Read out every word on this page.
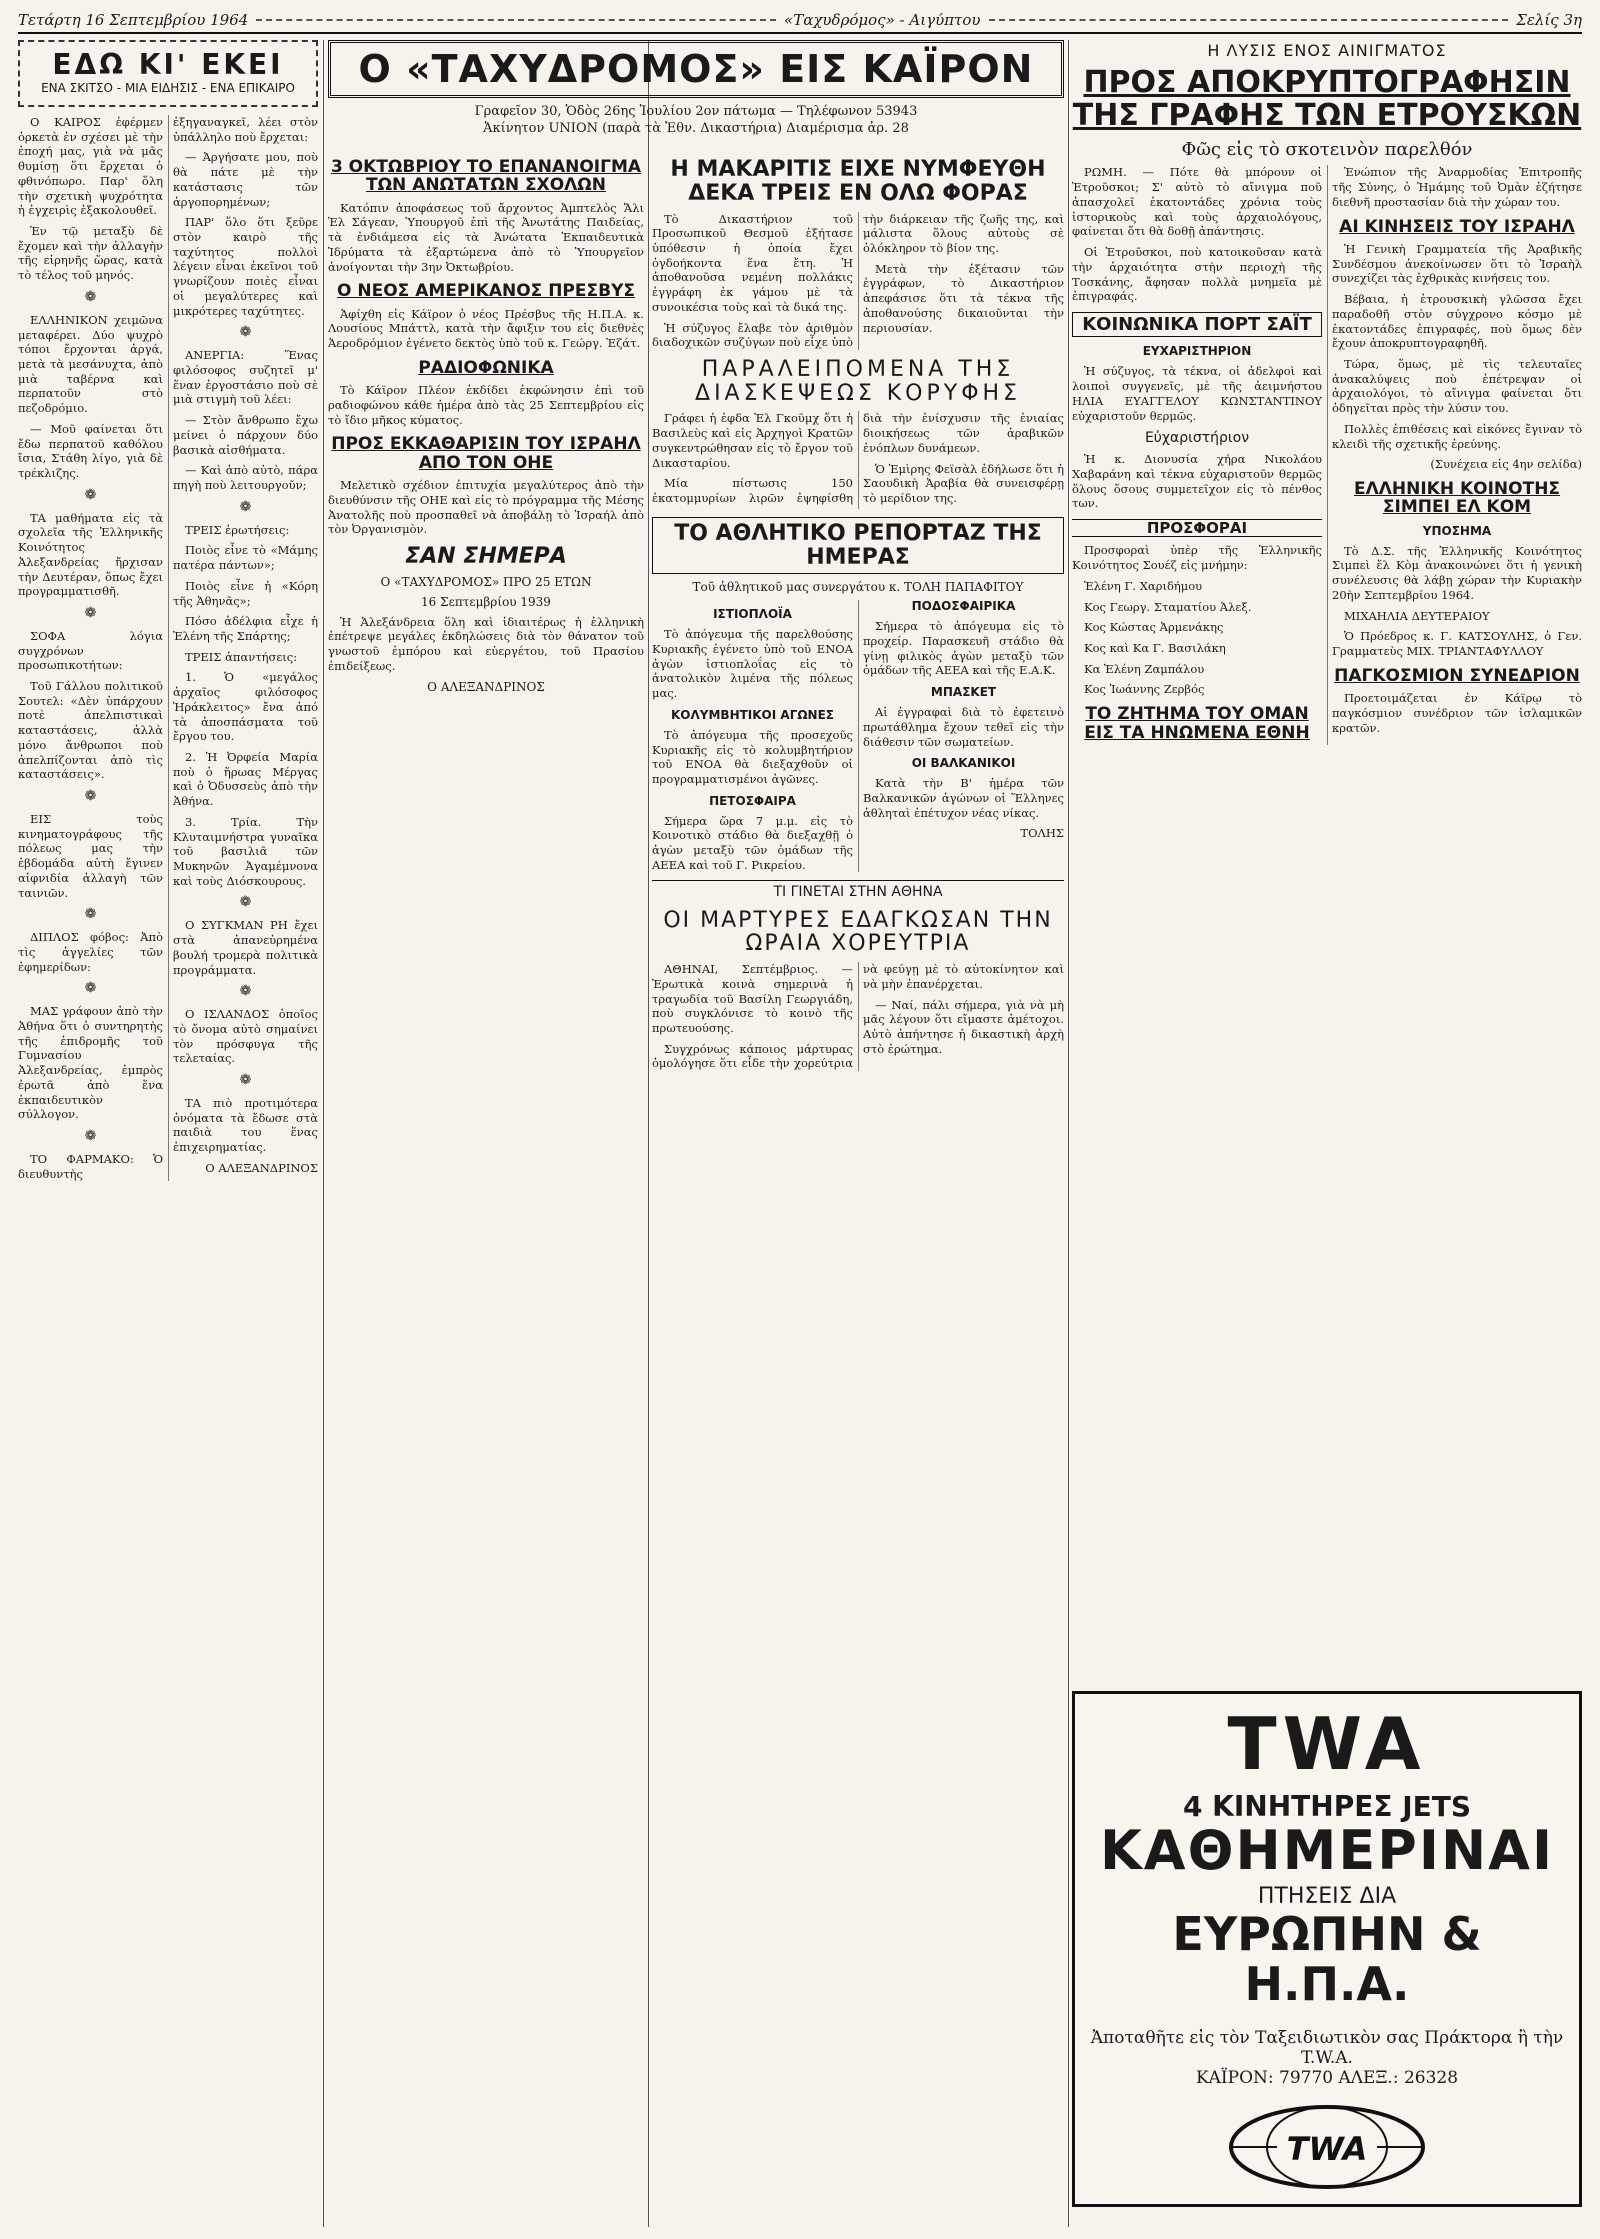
Τετάρτη 16 Σεπτεμβρίου 1964	«Ταχυδρόμος» - Αιγύπτου	Σελίς 3η
ΕΔΩ ΚΙ' ΕΚΕΙ
ΕΝΑ ΣΚΙΤΣΟ - ΜΙΑ ΕΙΔΗΣΙΣ - ΕΝΑ ΕΠΙΚΑΙΡΟ

Ο ΚΑΙΡΟΣ ἐφέρμεν ὁρκετὰ ἐν σχέσει μὲ τὴν ἐποχή μας, γιὰ νὰ μᾶς θυμίσῃ ὅτι ἔρχεται ὁ φθινόπωρο. Παρ' ὅλη τὴν σχετικὴ ψυχρότητα ἡ ἐγχειρὶς ἐξακολουθεῖ.

Ἐν τῷ μεταξὺ δὲ ἔχομεν καὶ τὴν ἀλλαγὴν τῆς εἰρηνῆς ὥρας, κατὰ τὸ τέλος τοῦ μηνός.

❁

ΕΛΛΗΝΙΚΟΝ χειμῶνα μεταφέρει. Δύο ψυχρὸ τόποι ἔρχονται ἀργά, μετὰ τὰ μεσάνυχτα, ἀπὸ μιὰ ταβέρνα καὶ περπατοῦν στὸ πεζοδρόμιο.

— Μοῦ φαίνεται ὅτι ἔδω περπατοῦ καθόλου ἴσια, Στάθη λίγο, γιὰ δὲ τρέκλιζης.

❁

ΤΑ μαθήματα εἰς τὰ σχολεῖα τῆς Ἑλληνικῆς Κοινότητος Ἀλεξανδρείας ἤρχισαν τὴν Δευτέραν, ὅπως ἔχει προγραμματισθῆ.

❁

ΣΟΦΑ λόγια συγχρόνων προσωπικοτήτων:

Τοῦ Γάλλου πολιτικοῦ Σουτελ: «Δὲν ὑπάρχουν ποτὲ ἀπελπιστικαὶ καταστάσεις, ἀλλὰ μόνο ἄνθρωποι ποὺ ἀπελπίζονται ἀπὸ τὶς καταστάσεις».

❁

ΕΙΣ τοὺς κινηματογράφους τῆς πόλεως μας τὴν ἑβδομάδα αὐτὴ ἔγινεν αἰφνιδία ἀλλαγὴ τῶν ταινιῶν.

❁

ΔΙΠΛΟΣ φόβος: Ἀπὸ τὶς ἀγγελίες τῶν ἐφημερίδων:

❁

ΜΑΣ γράφουν ἀπὸ τὴν Ἀθήνα ὅτι ὁ συντηρητὴς τῆς ἐπιδρομῆς τοῦ Γυμνασίου Ἀλεξανδρείας, ἐμπρὸς ἐρωτᾶ ἀπὸ ἕνα ἐκπαιδευτικὸν σύλλογον.

❁

ΤΟ ΦΑΡΜΑΚΟ: Ὁ διευθυντὴς ἐξηγαναγκεῖ, λέει στὸν ὑπάλληλο ποὺ ἔρχεται:

— Ἀργήσατε μου, ποὺ θὰ πάτε μὲ τὴν κατάστασις τῶν ἀργοπορημένων;

ΠΑΡ' ὅλο ὅτι ξεῦρε στὸν καιρὸ τῆς ταχύτητος πολλοὶ λέγειν εἶναι ἐκεῖνοι τοῦ γνωρίζουν ποιὲς εἶναι οἱ μεγαλύτερες καὶ μικρότερες ταχύτητες.

❁

ΑΝΕΡΓΙΑ: Ἕνας φιλόσοφος συζητεῖ μ' ἕναν ἐργοστάσιο ποὺ σὲ μιὰ στιγμὴ τοῦ λέει:

— Στὸν ἄνθρωπο ἔχω μείνει ὁ πάρχουν δύο βασικὰ αἰσθήματα.

— Καὶ ἀπὸ αὐτὸ, πάρα πηγὴ ποὺ λειτουργοῦν;

❁

ΤΡΕΙΣ ἐρωτήσεις:

Ποιὸς εἶνε τὸ «Μάμης πατέρα πάντων»;

Ποιὸς εἶνε ἡ «Κόρη τῆς Ἀθηνᾶς»;

Πόσο ἀδέλφια εἶχε ἡ Ἑλένη τῆς Σπάρτης;

ΤΡΕΙΣ ἀπαντήσεις:

1. Ὁ «μεγάλος ἀρχαῖος φιλόσοφος Ἡράκλειτος» ἔνα ἀπό τὰ ἀποσπάσματα τοῦ ἔργου του.

2. Ἡ Ὀρφεία Μαρία ποὺ ὁ ἥρωας Μέργας καὶ ὁ Ὀδυσσεὺς ἀπὸ τὴν Ἀθήνα.

3. Τρία. Τὴν Κλυταιμνήστρα γυναῖκα τοῦ βασιλιᾶ τῶν Μυκηνῶν Ἀγαμέμνονα καὶ τοὺς Διόσκουρους.

❁

Ο ΣΥΓΚΜΑΝ ΡΗ ἔχει στὰ ἀπανεὐρημένα βουλή τρομερὰ πολιτικὰ προγράμματα.

❁

Ο ΙΣΛΑΝΔΟΣ ὁποῖος τὸ ὄνομα αὐτὸ σημαίνει τὸν πρόσφυγα τῆς τελεταίας.

❁

ΤΑ πιὸ προτιμότερα ὀνόματα τὰ ἔδωσε στὰ παιδιὰ του ἕνας ἐπιχειρηματίας.

Ο ΑΛΕΞΑΝΔΡΙΝΟΣ

Ο «ΤΑΧΥΔΡΟΜΟΣ» ΕΙΣ ΚΑΪΡΟΝ
Γραφεῖον 30, Ὁδὸς 26ης Ἰουλίου 2ον πάτωμα — Τηλέφωνον 53943
Ἀκίνητον UNION (παρὰ τὰ Ἐθν. Δικαστήρια) Διαμέρισμα ἀρ. 28
3 ΟΚΤΩΒΡΙΟΥ ΤΟ ΕΠΑΝΑΝΟΙΓΜΑ ΤΩΝ ΑΝΩΤΑΤΩΝ ΣΧΟΛΩΝ

Κατόπιν ἀποφάσεως τοῦ ἄρχοντος Ἀμπτελὸς Ἄλι Ἐλ Σάγεαν, Ὑπουργοῦ ἐπὶ τῆς Ἀνωτάτης Παιδείας, τὰ ἐνδιάμεσα εἰς τὰ Ἀνώτατα Ἐκπαιδευτικὰ Ἱδρύματα τὰ ἐξαρτώμενα ἀπὸ τὸ Ὑπουργεῖον ἀνοίγονται τὴν 3ην Ὀκτωβρίου.

Ο ΝΕΟΣ ΑΜΕΡΙΚΑΝΟΣ ΠΡΕΣΒΥΣ

Ἀφίχθη εἰς Κάϊρον ὁ νέος Πρέσβυς τῆς Η.Π.Α. κ. Λουσίους Μπάττλ, κατὰ τὴν ἄφιξιν του εἰς διεθνὲς Ἀεροδρόμιον ἐγένετο δεκτὸς ὑπὸ τοῦ κ. Γεώργ. Ἐζάτ.

ΡΑΔΙΟΦΩΝΙΚΑ

Τὸ Κάϊρον Πλέον ἐκδίδει ἐκφώνησιν ἐπὶ τοῦ ραδιοφώνου κάθε ἡμέρα ἀπὸ τὰς 25 Σεπτεμβρίου εἰς τὸ ἴδιο μῆκος κύματος.

ΠΡΟΣ ΕΚΚΑΘΑΡΙΣΙΝ ΤΟΥ ΙΣΡΑΗΛ ΑΠΟ ΤΟΝ ΟΗΕ

Μελετικὸ σχέδιον ἐπιτυχία μεγαλύτερος ἀπὸ τὴν διευθύνσιν τῆς ΟΗΕ καὶ εἰς τὸ πρόγραμμα τῆς Μέσης Ἀνατολῆς ποὺ προσπαθεῖ νὰ ἀποβάλῃ τὸ Ἰσραήλ ἀπὸ τὸν Ὀργανισμὸν.

ΣΑΝ ΣΗΜΕΡΑ
Ο «ΤΑΧΥΔΡΟΜΟΣ» ΠΡΟ 25 ΕΤΩΝ
16 Σεπτεμβρίου 1939

Ἡ Ἀλεξάνδρεια ὅλη καὶ ἰδιαιτέρως ἡ ἑλληνικὴ ἐπέτρεψε μεγάλες ἐκδηλώσεις διὰ τὸν θάνατον τοῦ γνωστοῦ ἐμπόρου καὶ εὐεργέτου, τοῦ Πρασίου ἐπιδείξεως.

Ο ΑΛΕΞΑΝΔΡΙΝΟΣ
Η ΜΑΚΑΡΙΤΙΣ ΕΙΧΕ ΝΥΜΦΕΥΘΗ ΔΕΚΑ ΤΡΕΙΣ ΕΝ ΟΛΩ ΦΟΡΑΣ

Τὸ Δικαστήριον τοῦ Προσωπικοῦ Θεσμοῦ ἐξήτασε ὑπόθεσιν ἡ ὁποία ἔχει ὀγδοήκοντα ἕνα ἔτη. Ἡ ἀποθανοῦσα νεμένη πολλάκις ἐγγράφη ἐκ γάμου μὲ τὰ συνοικέσια τοὺς καὶ τὰ δικά της.

Ἡ σύζυγος ἔλαβε τὸν ἀριθμὸν διαδοχικῶν συζύγων ποὺ εἶχε ὑπὸ τὴν διάρκειαν τῆς ζωῆς της, καὶ μάλιστα ὅλους αὐτοὺς σὲ ὁλόκληρον τὸ βίον της.

Μετὰ τὴν ἐξέτασιν τῶν ἐγγράφων, τὸ Δικαστήριον ἀπεφάσισε ὅτι τὰ τέκνα τῆς ἀποθανούσης δικαιοῦνται τὴν περιουσίαν.

ΠΑΡΑΛΕΙΠΟΜΕΝΑ ΤΗΣ ΔΙΑΣΚΕΨΕΩΣ ΚΟΡΥΦΗΣ

Γράφει ἡ ἐφδα Ἐλ Γκοῦμχ ὅτι ἡ Βασιλεὺς καὶ εἰς Ἀρχηγοὶ Κρατῶν συγκεντρώθησαν εἰς τὸ ἔργον τοῦ Δικασταρίου.

Μία πίστωσις 150 ἑκατομμυρίων λιρῶν ἐψηφίσθη διὰ τὴν ἐνίσχυσιν τῆς ἑνιαίας διοικήσεως τῶν ἀραβικῶν ἐνόπλων δυνάμεων.

Ὁ Ἐμὶρης Φεϊσὰλ ἐδήλωσε ὅτι ἡ Σαουδικὴ Ἀραβία θὰ συνεισφέρῃ τὸ μερίδιον της.

ΤΟ ΑΘΛΗΤΙΚΟ ΡΕΠΟΡΤΑΖ ΤΗΣ ΗΜΕΡΑΣ
Τοῦ ἀθλητικοῦ μας συνεργάτου κ. ΤΟΛΗ ΠΑΠΑΦΙΤΟΥ
ΙΣΤΙΟΠΛΟΪΑ

Τὸ ἀπόγευμα τῆς παρελθούσης Κυριακῆς ἐγένετο ὑπὸ τοῦ ΕΝΟΑ ἀγὼν ἱστιοπλοΐας εἰς τὸ ἀνατολικὸν λιμένα τῆς πόλεως μας.

ΚΟΛΥΜΒΗΤΙΚΟΙ ΑΓΩΝΕΣ

Τὸ ἀπόγευμα τῆς προσεχοῦς Κυριακῆς εἰς τὸ κολυμβητήριον τοῦ ΕΝΟΑ θὰ διεξαχθοῦν οἱ προγραμματισμένοι ἀγῶνες.

ΠΕΤΟΣΦΑΙΡΑ

Σήμερα ὥρα 7 μ.μ. εἰς τὸ Κοινοτικὸ στάδιο θὰ διεξαχθῇ ὁ ἀγὼν μεταξὺ τῶν ὁμάδων τῆς ΑΕΕΑ καὶ τοῦ Γ. Ρικρείου.

ΠΟΔΟΣΦΑΙΡΙΚΑ

Σήμερα τὸ ἀπόγευμα εἰς τὸ προχείρ. Παρασκευῆ στάδιο θὰ γίνῃ φιλικὸς ἀγὼν μεταξὺ τῶν ὁμάδων τῆς ΑΕΕΑ καὶ τῆς Ε.Α.Κ.

ΜΠΑΣΚΕΤ

Αἱ ἐγγραφαὶ διὰ τὸ ἐφετεινὸ πρωτάθλημα ἔχουν τεθεῖ εἰς τὴν διάθεσιν τῶν σωματείων.

ΟΙ ΒΑΛΚΑΝΙΚΟΙ

Κατὰ τὴν Β' ἡμέρα τῶν Βαλκανικῶν ἀγώνων οἱ Ἕλληνες ἀθληταὶ ἐπέτυχον νέας νίκας.

ΤΟΛΗΣ

ΤΙ ΓΙΝΕΤΑΙ ΣΤΗΝ ΑΘΗΝΑ
ΟΙ ΜΑΡΤΥΡΕΣ ΕΔΑΓΚΩΣΑΝ ΤΗΝ ΩΡΑΙΑ ΧΟΡΕΥΤΡΙΑ

ΑΘΗΝΑΙ, Σεπτέμβριος. — Ἐρωτικὰ κοινὰ σημερινὰ ἡ τραγωδία τοῦ Βασίλη Γεωργιάδη, ποὺ συγκλόνισε τὸ κοινὸ τῆς πρωτευούσης.

Συγχρόνως κάποιος μάρτυρας ὁμολόγησε ὅτι εἶδε τὴν χορεύτρια νὰ φεύγῃ μὲ τὸ αὐτοκίνητον καὶ νὰ μὴν ἐπανέρχεται.

— Ναί, πάλι σήμερα, γιὰ νὰ μὴ μᾶς λέγουν ὅτι εἴμαστε ἀμέτοχοι. Αὐτὸ ἀπήντησε ἡ δικαστικὴ ἀρχὴ στὸ ἐρώτημα.

Η ΛΥΣΙΣ ΕΝΟΣ ΑΙΝΙΓΜΑΤΟΣ
ΠΡΟΣ ΑΠΟΚΡΥΠΤΟΓΡΑΦΗΣΙΝ ΤΗΣ ΓΡΑΦΗΣ ΤΩΝ ΕΤΡΟΥΣΚΩΝ
Φῶς εἰς τὸ σκοτεινὸν παρελθόν

ΡΩΜΗ. — Πότε θὰ μπόρουν οἱ Ἑτροῦσκοι; Σ' αὐτὸ τὸ αἴνιγμα ποῦ ἀπασχολεῖ ἐκατοντάδες χρόνια τοὺς ἱστορικοὺς καὶ τοὺς ἀρχαιολόγους, φαίνεται ὅτι θὰ δοθῇ ἀπάντησις.

Οἱ Ἑτροῦσκοι, ποὺ κατοικοῦσαν κατὰ τὴν ἀρχαιότητα στὴν περιοχὴ τῆς Τοσκάνης, ἄφησαν πολλὰ μνημεῖα μὲ ἐπιγραφάς.

ΚΟΙΝΩΝΙΚΑ ΠΟΡΤ ΣΑΪΤ
ΕΥΧΑΡΙΣΤΗΡΙΟΝ

Ἡ σύζυγος, τὰ τέκνα, οἱ ἀδελφοὶ καὶ λοιποὶ συγγενεῖς, μὲ τῆς ἀειμνήστου ΗΛΙΑ ΕΥΑΓΓΕΛΟΥ ΚΩΝΣΤΑΝΤΙΝΟΥ εὐχαριστοῦν θερμῶς.

Εὐχαριστήριον

Ἡ κ. Διονυσία χήρα Νικολάου Χαβαράνη καὶ τέκνα εὐχαριστοῦν θερμῶς ὅλους ὅσους συμμετεῖχον εἰς τὸ πένθος των.

ΠΡΟΣΦΟΡΑΙ

Προσφοραὶ ὑπὲρ τῆς Ἑλληνικῆς Κοινότητος Σουέζ εἰς μνήμην:

Ἑλένη Γ. Χαριδήμου

Κος Γεωργ. Σταματίου Ἀλεξ.

Κος Κώστας Ἀρμενάκης

Κος καὶ Κα Γ. Βασιλάκη

Κα Ἑλένη Ζαμπάλου

Κος Ἰωάννης Ζερβός

ΤΟ ΖΗΤΗΜΑ ΤΟΥ ΟΜΑΝ ΕΙΣ ΤΑ ΗΝΩΜΕΝΑ ΕΘΝΗ

Ἐνώπιον τῆς Ἀναρμοδίας Ἐπιτροπῆς τῆς Σύνης, ὁ Ἠμάμης τοῦ Ὀμὰν ἐζήτησε διεθνῆ προστασίαν διὰ τὴν χώραν του.

ΑΙ ΚΙΝΗΣΕΙΣ ΤΟΥ ΙΣΡΑΗΛ

Ἡ Γενικὴ Γραμματεία τῆς Ἀραβικῆς Συνδέσμου ἀνεκοίνωσεν ὅτι τὸ Ἰσραὴλ συνεχίζει τὰς ἐχθρικὰς κινήσεις του.

Βέβαια, ἡ ἐτρουσκικὴ γλῶσσα ἔχει παραδοθῆ στὸν σύγχρονο κόσμο μὲ ἑκατοντάδες ἐπιγραφές, ποὺ ὅμως δὲν ἔχουν ἀποκρυπτογραφηθῆ.

Τώρα, ὅμως, μὲ τὶς τελευταῖες ἀνακαλύψεις ποὺ ἐπέτρεψαν οἱ ἀρχαιολόγοι, τὸ αἴνιγμα φαίνεται ὅτι ὁδηγεῖται πρὸς τὴν λύσιν του.

Πολλὲς ἐπιθέσεις καὶ εἰκόνες ἔγιναν τὸ κλειδὶ τῆς σχετικῆς ἐρεύνης.

(Συνέχεια εἰς 4ην σελίδα)

ΕΛΛΗΝΙΚΗ ΚΟΙΝΟΤΗΣ ΣΙΜΠΕΙ ΕΛ ΚΟΜ
ΥΠΟΣΗΜΑ

Τὸ Δ.Σ. τῆς Ἑλληνικῆς Κοινότητος Σιμπεὶ ἔλ Κὸμ ἀνακοινώνει ὅτι ἡ γενικὴ συνέλευσις θὰ λάβῃ χώραν τὴν Κυριακὴν 20ὴν Σεπτεμβρίου 1964.

ΜΙΧΑΗΛΙΑ ΔΕΥΤΕΡΑΙΟΥ

Ὁ Πρόεδρος κ. Γ. ΚΑΤΣΟΥΛΗΣ, ὁ Γεν. Γραμματεὺς ΜΙΧ. ΤΡΙΑΝΤΑΦΥΛΛΟΥ

ΠΑΓΚΟΣΜΙΟΝ ΣΥΝΕΔΡΙΟΝ

Προετοιμάζεται ἐν Κάϊρῳ τὸ παγκόσμιον συνέδριον τῶν ἰσλαμικῶν κρατῶν.

TWA
4 ΚΙΝΗΤΗΡΕΣ JETS
ΚΑΘΗΜΕΡΙΝΑΙ
ΠΤΗΣΕΙΣ ΔΙΑ
ΕΥΡΩΠΗΝ & Η.Π.Α.
Ἀποταθῆτε εἰς τὸν Ταξειδιωτικὸν σας Πράκτορα ἢ τὴν T.W.A.
ΚΑΪΡΟΝ: 79770 ΑΛΕΞ.: 26328
TWA
